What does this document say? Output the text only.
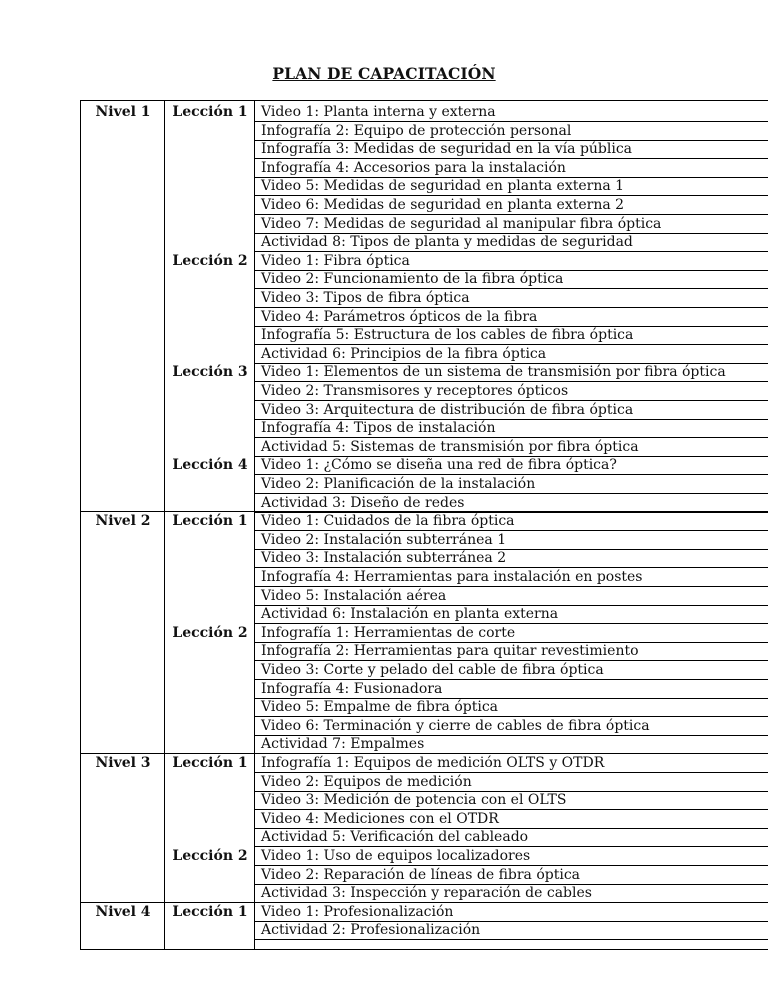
PLAN DE CAPACITACIÓN
Nivel 1	Lección 1 Video 1: Planta interna y externa
Infografía 2: Equipo de protección personal
Infografía 3: Medidas de seguridad en la vía pública
Infografía 4: Accesorios para la instalación
Video 5: Medidas de seguridad en planta externa 1
Video 6: Medidas de seguridad en planta externa 2
Video 7: Medidas de seguridad al manipular fibra óptica
Actividad 8: Tipos de planta y medidas de seguridad
Lección 2 Video 1: Fibra óptica
Video 2: Funcionamiento de la fibra óptica
Video 3: Tipos de fibra óptica
Video 4: Parámetros ópticos de la fibra
Infografía 5: Estructura de los cables de fibra óptica
Actividad 6: Principios de la fibra óptica
Lección 3 Video 1: Elementos de un sistema de transmisión por fibra óptica
Video 2: Transmisores y receptores ópticos
Video 3: Arquitectura de distribución de fibra óptica
Infografía 4: Tipos de instalación
Actividad 5: Sistemas de transmisión por fibra óptica
Lección 4 Video 1: ¿Cómo se diseña una red de fibra óptica?
Video 2: Planificación de la instalación
Actividad 3: Diseño de redes
Nivel 2	Lección 1 Video 1: Cuidados de la fibra óptica
Video 2: Instalación subterránea 1
Video 3: Instalación subterránea 2
Infografía 4: Herramientas para instalación en postes
Video 5: Instalación aérea
Actividad 6: Instalación en planta externa
Lección 2 Infografía 1: Herramientas de corte
Infografía 2: Herramientas para quitar revestimiento
Video 3: Corte y pelado del cable de fibra óptica
Infografía 4: Fusionadora
Video 5: Empalme de fibra óptica
Video 6: Terminación y cierre de cables de fibra óptica
Actividad 7: Empalmes
Nivel 3	Lección 1 Infografía 1: Equipos de medición OLTS y OTDR
Video 2: Equipos de medición
Video 3: Medición de potencia con el OLTS
Video 4: Mediciones con el OTDR
Actividad 5: Verificación del cableado
Lección 2 Video 1: Uso de equipos localizadores
Video 2: Reparación de líneas de fibra óptica
Actividad 3: Inspección y reparación de cables
Nivel 4	Lección 1 Video 1: Profesionalización
Actividad 2: Profesionalización
